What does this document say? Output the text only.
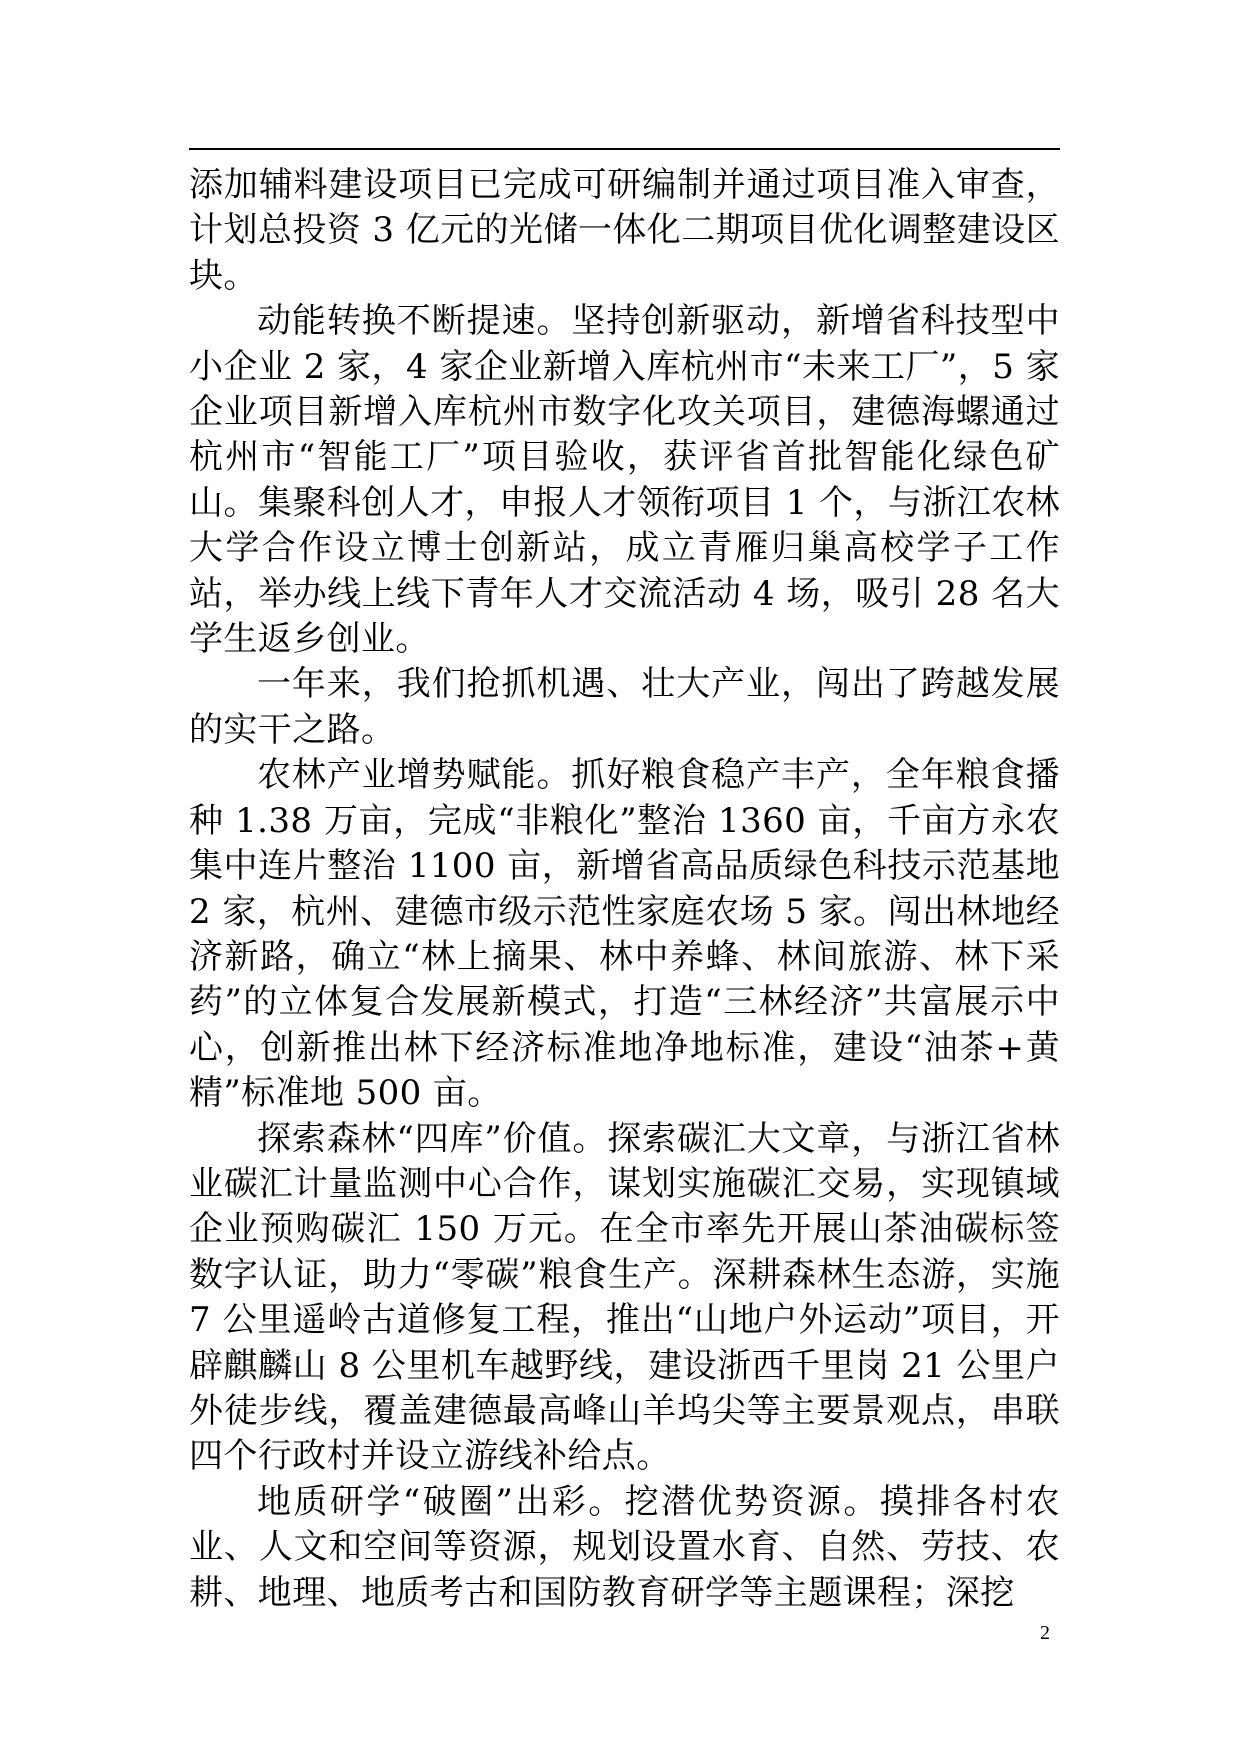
添加辅料建设项目已完成可研编制并通过项目准入审查，计划总投资 3 亿元的光储一体化二期项目优化调整建设区块。

动能转换不断提速。坚持创新驱动，新增省科技型中小企业 2 家，4 家企业新增入库杭州市“未来工厂”，5 家企业项目新增入库杭州市数字化攻关项目，建德海螺通过杭州市“智能工厂”项目验收，获评省首批智能化绿色矿山。集聚科创人才，申报人才领衔项目 1 个，与浙江农林大学合作设立博士创新站，成立青雁归巢高校学子工作站，举办线上线下青年人才交流活动 4 场，吸引 28 名大学生返乡创业。

一年来，我们抢抓机遇、壮大产业，闯出了跨越发展的实干之路。

农林产业增势赋能。抓好粮食稳产丰产，全年粮食播种 1.38 万亩，完成“非粮化”整治 1360 亩，千亩方永农集中连片整治 1100 亩，新增省高品质绿色科技示范基地 2 家，杭州、建德市级示范性家庭农场 5 家。闯出林地经济新路，确立“林上摘果、林中养蜂、林间旅游、林下采药”的立体复合发展新模式，打造“三林经济”共富展示中心，创新推出林下经济标准地净地标准，建设“油茶+黄精”标准地 500 亩。

探索森林“四库”价值。探索碳汇大文章，与浙江省林业碳汇计量监测中心合作，谋划实施碳汇交易，实现镇域企业预购碳汇 150 万元。在全市率先开展山茶油碳标签数字认证，助力“零碳”粮食生产。深耕森林生态游，实施 7 公里遥岭古道修复工程，推出“山地户外运动”项目，开辟麒麟山 8 公里机车越野线，建设浙西千里岗 21 公里户外徒步线，覆盖建德最高峰山羊坞尖等主要景观点，串联四个行政村并设立游线补给点。

地质研学“破圈”出彩。挖潜优势资源。摸排各村农业、人文和空间等资源，规划设置水育、自然、劳技、农耕、地理、地质考古和国防教育研学等主题课程；深挖

2
